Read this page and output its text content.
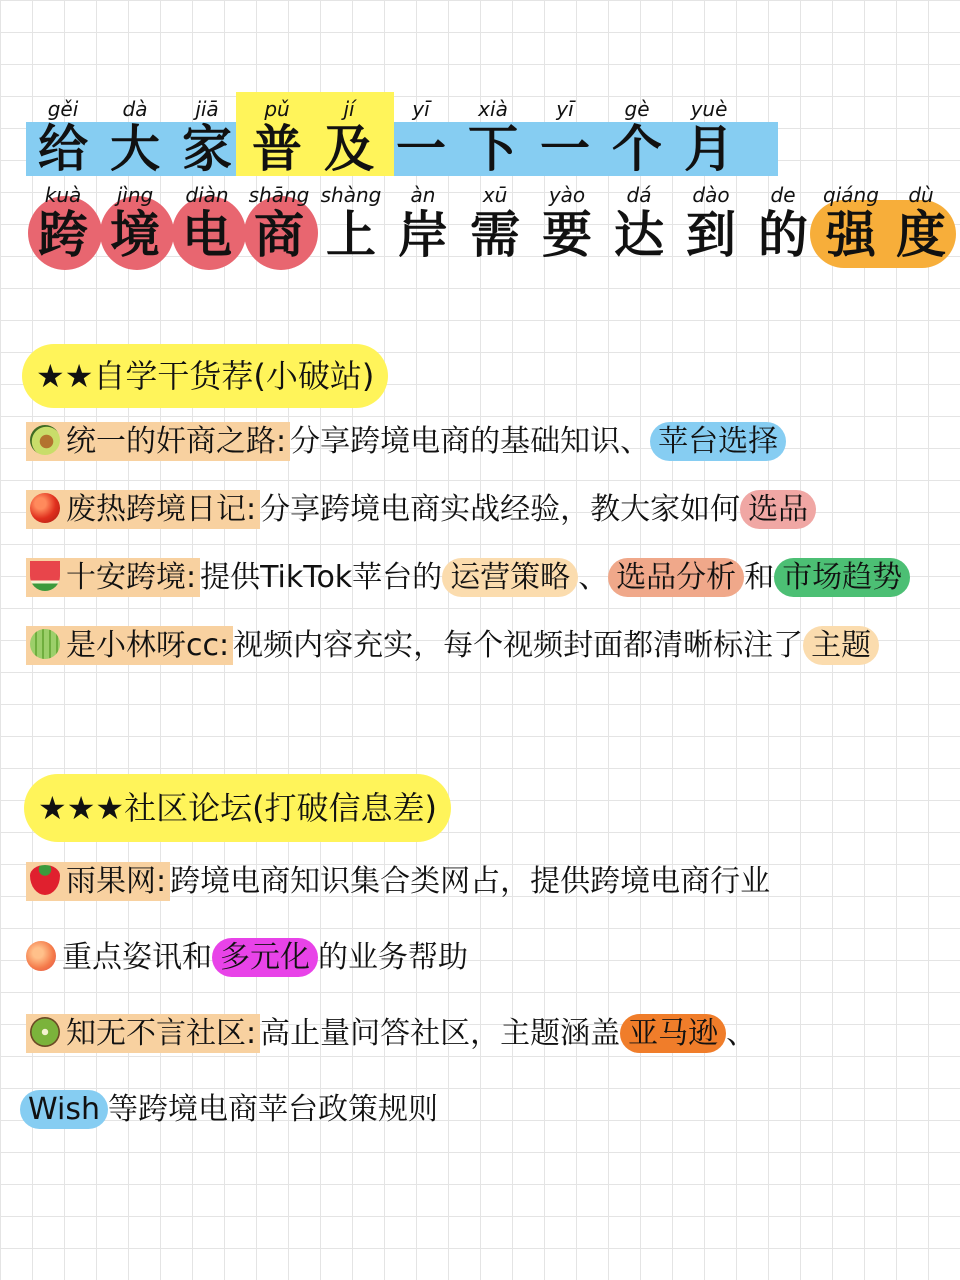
gěi
给
dà
大
jiā
家
pǔ
普
jí
及
yī
一
xià
下
yī
一
gè
个
yuè
月
kuà
跨
jìng
境
diàn
电
shāng
商
shàng
上
àn
岸
xū
需
yào
要
dá
达
dào
到
de
的
qiáng
强
dù
度
★★自学干货荐(小破站)
统一的奸商之路: 分享跨境电商的基础知识、 苹台选择
废热跨境日记: 分享跨境电商实战经验，教大家如何 选品
十安跨境: 提供TikTok苹台的 运营策略 、 选品分析 和 市场趋势
是小林呀cc: 视频内容充实，每个视频封面都清晰标注了 主题
★★★社区论坛(打破信息差)
雨果网: 跨境电商知识集合类网占，提供跨境电商行业
重点姿讯和 多元化 的业务帮助
知无不言社区: 高止量问答社区，主题涵盖 亚马逊 、
Wish 等跨境电商苹台政策规则
